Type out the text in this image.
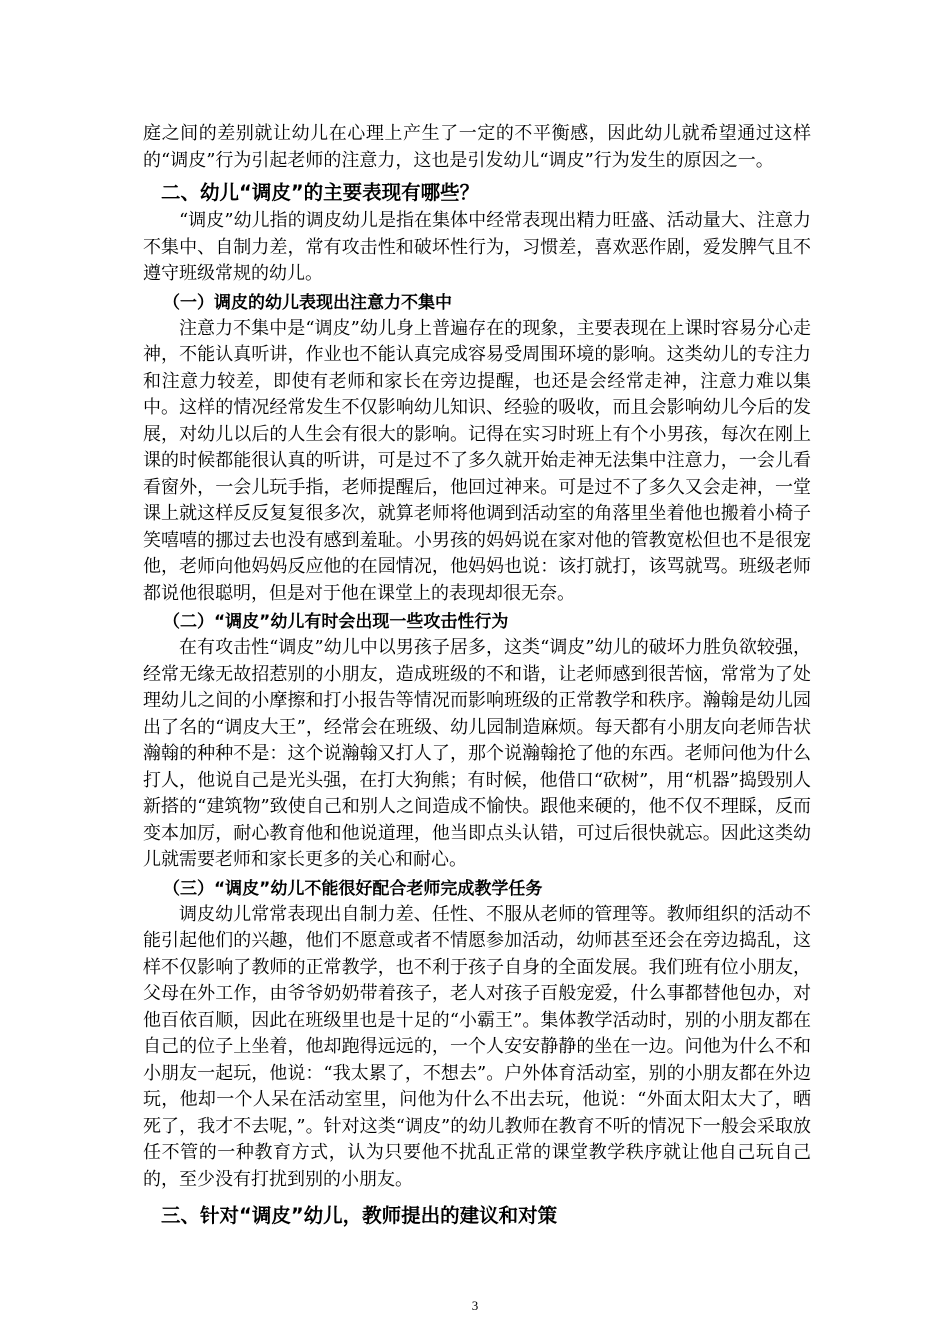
庭之间的差别就让幼儿在心理上产生了一定的不平衡感，因此幼儿就希望通过这样的“调皮”行为引起老师的注意力，这也是引发幼儿“调皮”行为发生的原因之一。

二、幼儿“调皮”的主要表现有哪些？

“调皮”幼儿指的调皮幼儿是指在集体中经常表现出精力旺盛、活动量大、注意力不集中、自制力差，常有攻击性和破坏性行为，习惯差，喜欢恶作剧，爱发脾气且不遵守班级常规的幼儿。

（一）调皮的幼儿表现出注意力不集中

注意力不集中是“调皮”幼儿身上普遍存在的现象，主要表现在上课时容易分心走神，不能认真听讲，作业也不能认真完成容易受周围环境的影响。这类幼儿的专注力和注意力较差，即使有老师和家长在旁边提醒，也还是会经常走神，注意力难以集中。这样的情况经常发生不仅影响幼儿知识、经验的吸收，而且会影响幼儿今后的发展，对幼儿以后的人生会有很大的影响。记得在实习时班上有个小男孩，每次在刚上课的时候都能很认真的听讲，可是过不了多久就开始走神无法集中注意力，一会儿看看窗外，一会儿玩手指，老师提醒后，他回过神来。可是过不了多久又会走神，一堂课上就这样反反复复很多次，就算老师将他调到活动室的角落里坐着他也搬着小椅子笑嘻嘻的挪过去也没有感到羞耻。小男孩的妈妈说在家对他的管教宽松但也不是很宠他，老师向他妈妈反应他的在园情况，他妈妈也说：该打就打，该骂就骂。班级老师都说他很聪明，但是对于他在课堂上的表现却很无奈。

（二）“调皮”幼儿有时会出现一些攻击性行为

在有攻击性“调皮”幼儿中以男孩子居多，这类“调皮”幼儿的破坏力胜负欲较强，经常无缘无故招惹别的小朋友，造成班级的不和谐，让老师感到很苦恼，常常为了处理幼儿之间的小摩擦和打小报告等情况而影响班级的正常教学和秩序。瀚翰是幼儿园出了名的“调皮大王”，经常会在班级、幼儿园制造麻烦。每天都有小朋友向老师告状瀚翰的种种不是：这个说瀚翰又打人了，那个说瀚翰抢了他的东西。老师问他为什么打人，他说自己是光头强，在打大狗熊；有时候，他借口“砍树”，用“机器”捣毁别人新搭的“建筑物”致使自己和别人之间造成不愉快。跟他来硬的，他不仅不理睬，反而变本加厉，耐心教育他和他说道理，他当即点头认错，可过后很快就忘。因此这类幼儿就需要老师和家长更多的关心和耐心。

（三）“调皮”幼儿不能很好配合老师完成教学任务

调皮幼儿常常表现出自制力差、任性、不服从老师的管理等。教师组织的活动不能引起他们的兴趣，他们不愿意或者不情愿参加活动，幼师甚至还会在旁边捣乱，这样不仅影响了教师的正常教学，也不利于孩子自身的全面发展。我们班有位小朋友，父母在外工作，由爷爷奶奶带着孩子，老人对孩子百般宠爱，什么事都替他包办，对他百依百顺，因此在班级里也是十足的“小霸王”。集体教学活动时，别的小朋友都在自己的位子上坐着，他却跑得远远的，一个人安安静静的坐在一边。问他为什么不和小朋友一起玩，他说：“我太累了，不想去”。户外体育活动室，别的小朋友都在外边玩，他却一个人呆在活动室里，问他为什么不出去玩，他说：“外面太阳太大了，晒死了，我才不去呢，”。针对这类“调皮”的幼儿教师在教育不听的情况下一般会采取放任不管的一种教育方式，认为只要他不扰乱正常的课堂教学秩序就让他自己玩自己的，至少没有打扰到别的小朋友。

三、针对“调皮”幼儿，教师提出的建议和对策
3
